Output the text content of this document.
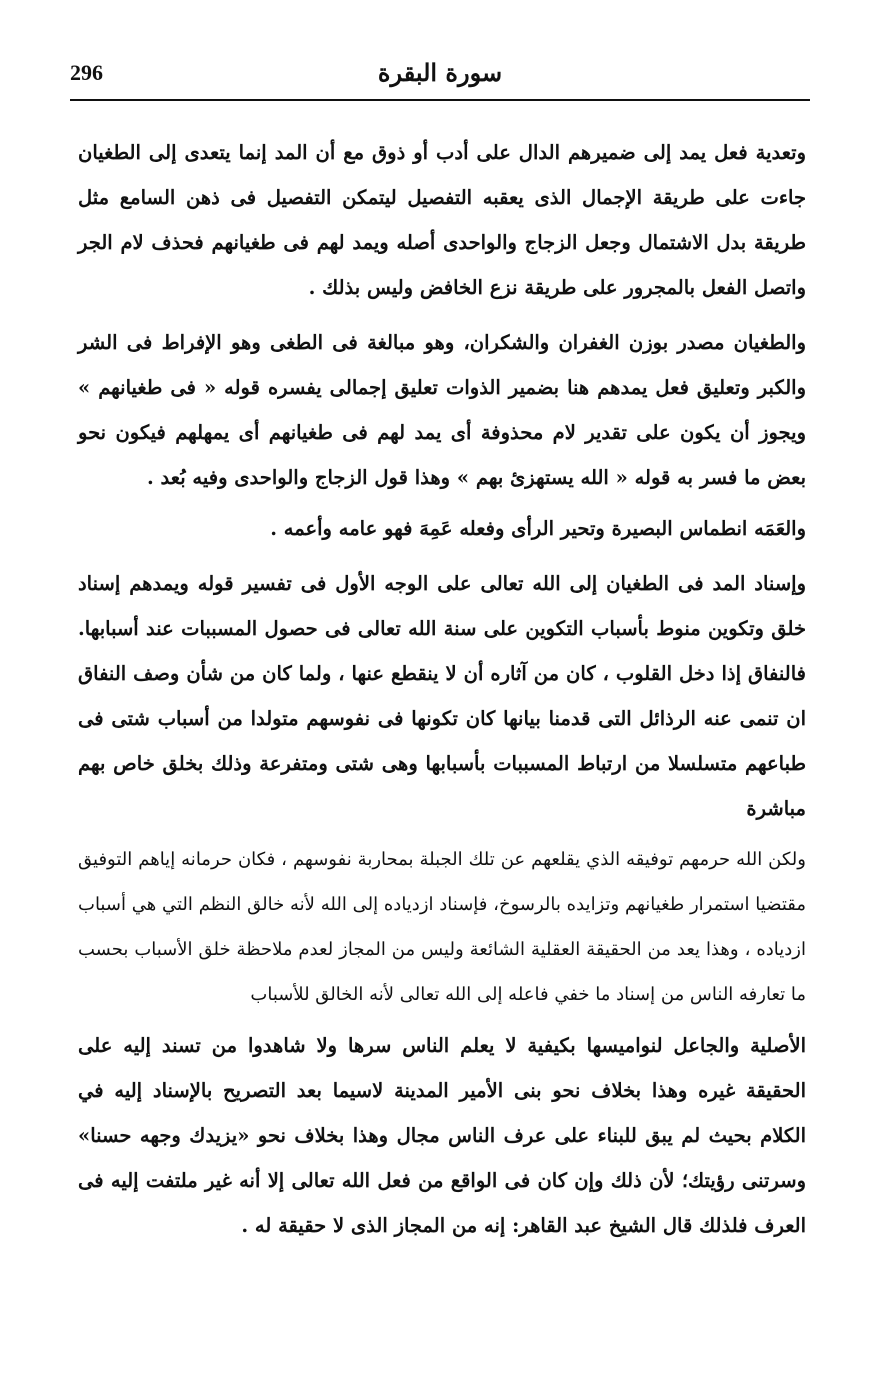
296	سورة البقرة

وتعدية فعل يمد إلى ضميرهم الدال على أدب أو ذوق مع أن المد إنما يتعدى إلى الطغيان جاءت على طريقة الإجمال الذى يعقبه التفصيل ليتمكن التفصيل فى ذهن السامع مثل طريقة بدل الاشتمال وجعل الزجاج والواحدى أصله ويمد لهم فى طغيانهم فحذف لام الجر واتصل الفعل بالمجرور على طريقة نزع الخافض وليس بذلك .

والطغيان مصدر بوزن الغفران والشكران، وهو مبالغة فى الطغى وهو الإفراط فى الشر والكبر وتعليق فعل يمدهم هنا بضمير الذوات تعليق إجمالى يفسره قوله « فى طغيانهم » ويجوز أن يكون على تقدير لام محذوفة أى يمد لهم فى طغيانهم أى يمهلهم فيكون نحو بعض ما فسر به قوله « الله يستهزئ بهم » وهذا قول الزجاج والواحدى وفيه بُعد .

والعَمَه انطماس البصيرة وتحير الرأى وفعله عَمِهَ فهو عامه وأعمه .

وإسناد المد فى الطغيان إلى الله تعالى على الوجه الأول فى تفسير قوله ويمدهم إسناد خلق وتكوين منوط بأسباب التكوين على سنة الله تعالى فى حصول المسببات عند أسبابها. فالنفاق إذا دخل القلوب ، كان من آثاره أن لا ينقطع عنها ، ولما كان من شأن وصف النفاق ان تنمى عنه الرذائل التى قدمنا بيانها كان تكونها فى نفوسهم متولدا من أسباب شتى فى طباعهم متسلسلا من ارتباط المسببات بأسبابها وهى شتى ومتفرعة وذلك بخلق خاص بهم مباشرة

ولكن الله حرمهم توفيقه الذي يقلعهم عن تلك الجبلة بمحاربة نفوسهم ، فكان حرمانه إياهم التوفيق مقتضيا استمرار طغيانهم وتزايده بالرسوخ، فإسناد ازدياده إلى الله لأنه خالق النظم التي هي أسباب ازدياده ، وهذا يعد من الحقيقة العقلية الشائعة وليس من المجاز لعدم ملاحظة خلق الأسباب بحسب ما تعارفه الناس من إسناد ما خفي فاعله إلى الله تعالى لأنه الخالق للأسباب

الأصلية والجاعل لنواميسها بكيفية لا يعلم الناس سرها ولا شاهدوا من تسند إليه على الحقيقة غيره وهذا بخلاف نحو بنى الأمير المدينة لاسيما بعد التصريح بالإسناد إليه في الكلام بحيث لم يبق للبناء على عرف الناس مجال وهذا بخلاف نحو «يزيدك وجهه حسنا» وسرتنى رؤيتك؛ لأن ذلك وإن كان فى الواقع من فعل الله تعالى إلا أنه غير ملتفت إليه فى العرف فلذلك قال الشيخ عبد القاهر: إنه من المجاز الذى لا حقيقة له .
